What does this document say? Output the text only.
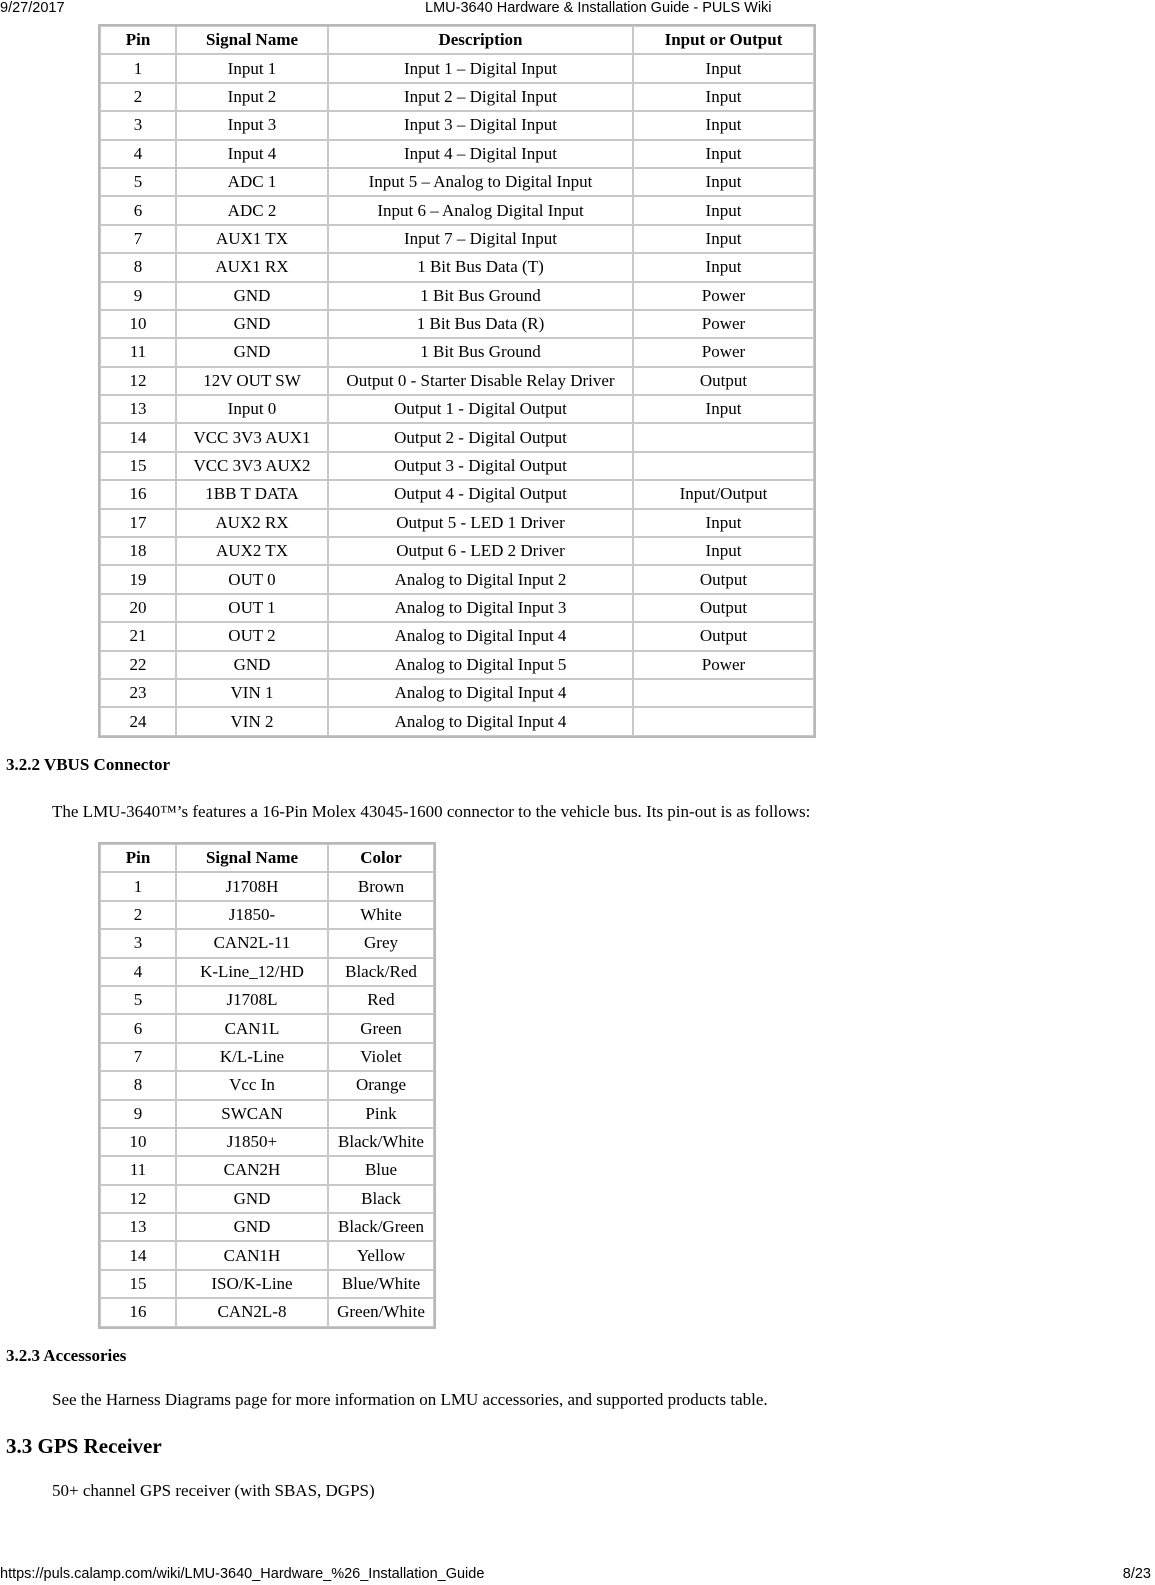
9/27/2017	LMU-3640 Hardware & Installation Guide - PULS Wiki
Pin	Signal Name	Description	Input or Output
1	Input 1	Input 1 – Digital Input	Input
2	Input 2	Input 2 – Digital Input	Input
3	Input 3	Input 3 – Digital Input	Input
4	Input 4	Input 4 – Digital Input	Input
5	ADC 1	Input 5 – Analog to Digital Input	Input
6	ADC 2	Input 6 – Analog Digital Input	Input
7	AUX1 TX	Input 7 – Digital Input	Input
8	AUX1 RX	1 Bit Bus Data (T)	Input
9	GND	1 Bit Bus Ground	Power
10	GND	1 Bit Bus Data (R)	Power
11	GND	1 Bit Bus Ground	Power
12	12V OUT SW	Output 0 - Starter Disable Relay Driver	Output
13	Input 0	Output 1 - Digital Output	Input
14	VCC 3V3 AUX1	Output 2 - Digital Output	
15	VCC 3V3 AUX2	Output 3 - Digital Output	
16	1BB T DATA	Output 4 - Digital Output	Input/Output
17	AUX2 RX	Output 5 - LED 1 Driver	Input
18	AUX2 TX	Output 6 - LED 2 Driver	Input
19	OUT 0	Analog to Digital Input 2	Output
20	OUT 1	Analog to Digital Input 3	Output
21	OUT 2	Analog to Digital Input 4	Output
22	GND	Analog to Digital Input 5	Power
23	VIN 1	Analog to Digital Input 4	
24	VIN 2	Analog to Digital Input 4	
3.2.2 VBUS Connector
The LMU-3640™’s features a 16-Pin Molex 43045-1600 connector to the vehicle bus. Its pin-out is as follows:
Pin	Signal Name	Color
1	J1708H	Brown
2	J1850-	White
3	CAN2L-11	Grey
4	K-Line_12/HD	Black/Red
5	J1708L	Red
6	CAN1L	Green
7	K/L-Line	Violet
8	Vcc In	Orange
9	SWCAN	Pink
10	J1850+	Black/White
11	CAN2H	Blue
12	GND	Black
13	GND	Black/Green
14	CAN1H	Yellow
15	ISO/K-Line	Blue/White
16	CAN2L-8	Green/White
3.2.3 Accessories
See the Harness Diagrams page for more information on LMU accessories, and supported products table.
3.3 GPS Receiver
50+ channel GPS receiver (with SBAS, DGPS)
https://puls.calamp.com/wiki/LMU-3640_Hardware_%26_Installation_Guide	8/23
